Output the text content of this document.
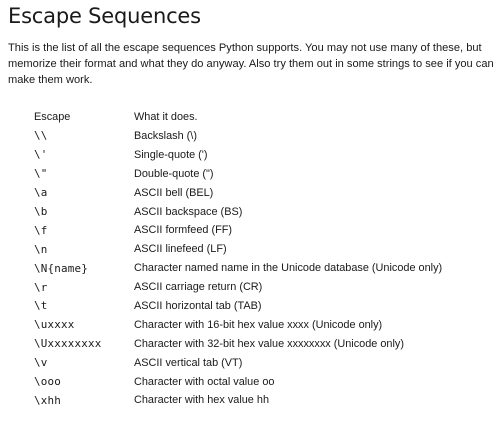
Escape Sequences

This is the list of all the escape sequences Python supports. You may not use many of these, but memorize their format and what they do anyway. Also try them out in some strings to see if you can make them work.

Escape	What it does.
\\	Backslash (\)
\'	Single-quote (')
\"	Double-quote (")
\a	ASCII bell (BEL)
\b	ASCII backspace (BS)
\f	ASCII formfeed (FF)
\n	ASCII linefeed (LF)
\N{name}	Character named name in the Unicode database (Unicode only)
\r	ASCII carriage return (CR)
\t	ASCII horizontal tab (TAB)
\uxxxx	Character with 16-bit hex value xxxx (Unicode only)
\Uxxxxxxxx	Character with 32-bit hex value xxxxxxxx (Unicode only)
\v	ASCII vertical tab (VT)
\ooo	Character with octal value oo
\xhh	Character with hex value hh
